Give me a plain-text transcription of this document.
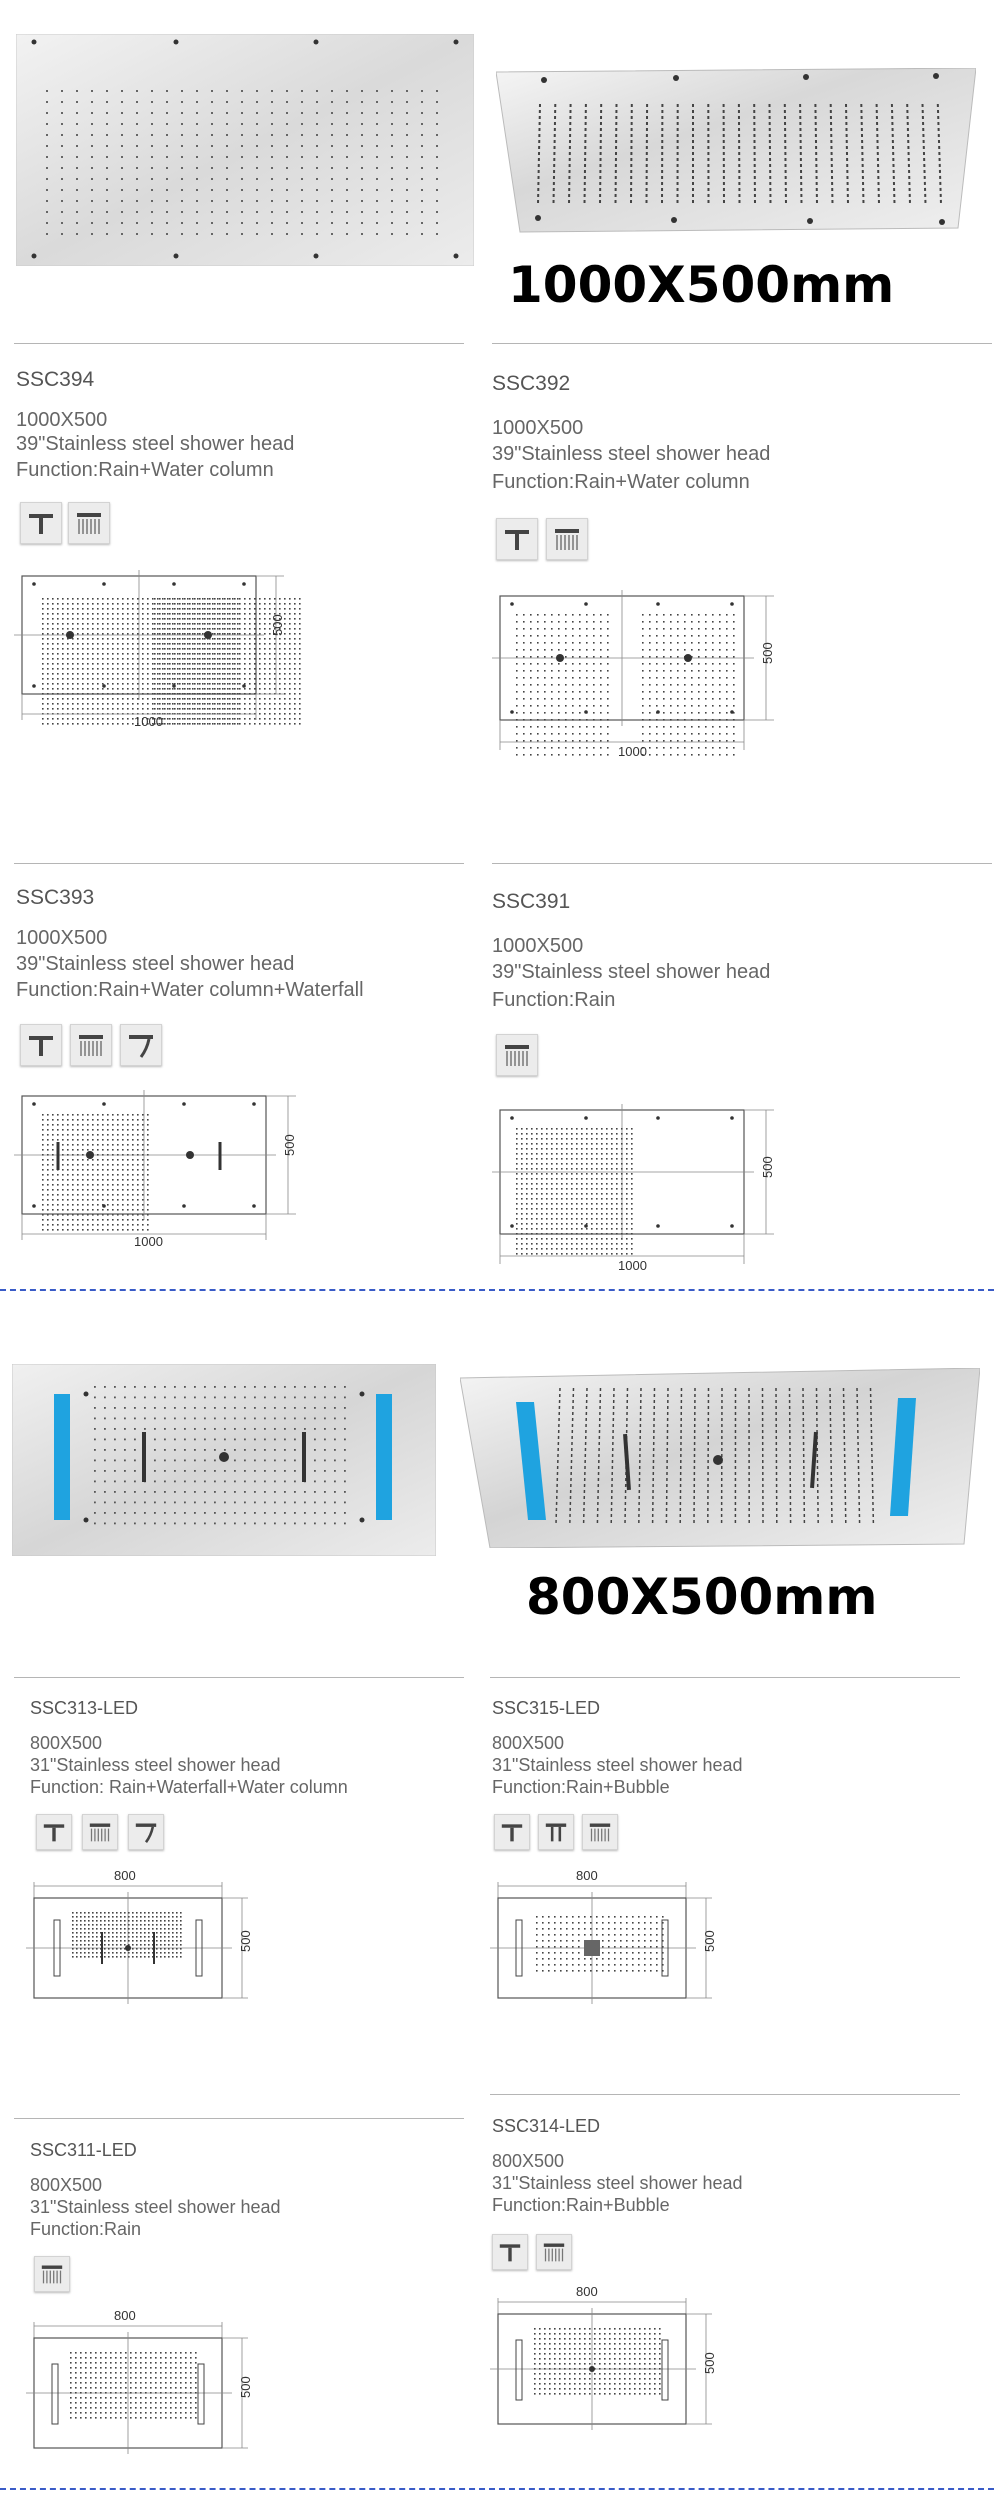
1000X500mm
SSC394
1000X500
39"Stainless steel shower head
Function:Rain+Water column
1000
500
SSC392
1000X500
39"Stainless steel shower head
Function:Rain+Water column
1000
500
SSC393
1000X500
39"Stainless steel shower head
Function:Rain+Water column+Waterfall
1000
500
SSC391
1000X500
39"Stainless steel shower head
Function:Rain
1000
500
800X500mm
SSC313-LED
800X500
31"Stainless steel shower head
Function: Rain+Waterfall+Water column
800
500
SSC315-LED
800X500
31"Stainless steel shower head
Function:Rain+Bubble
800
500
SSC311-LED
800X500
31"Stainless steel shower head
Function:Rain
800
500
SSC314-LED
800X500
31"Stainless steel shower head
Function:Rain+Bubble
800
500
